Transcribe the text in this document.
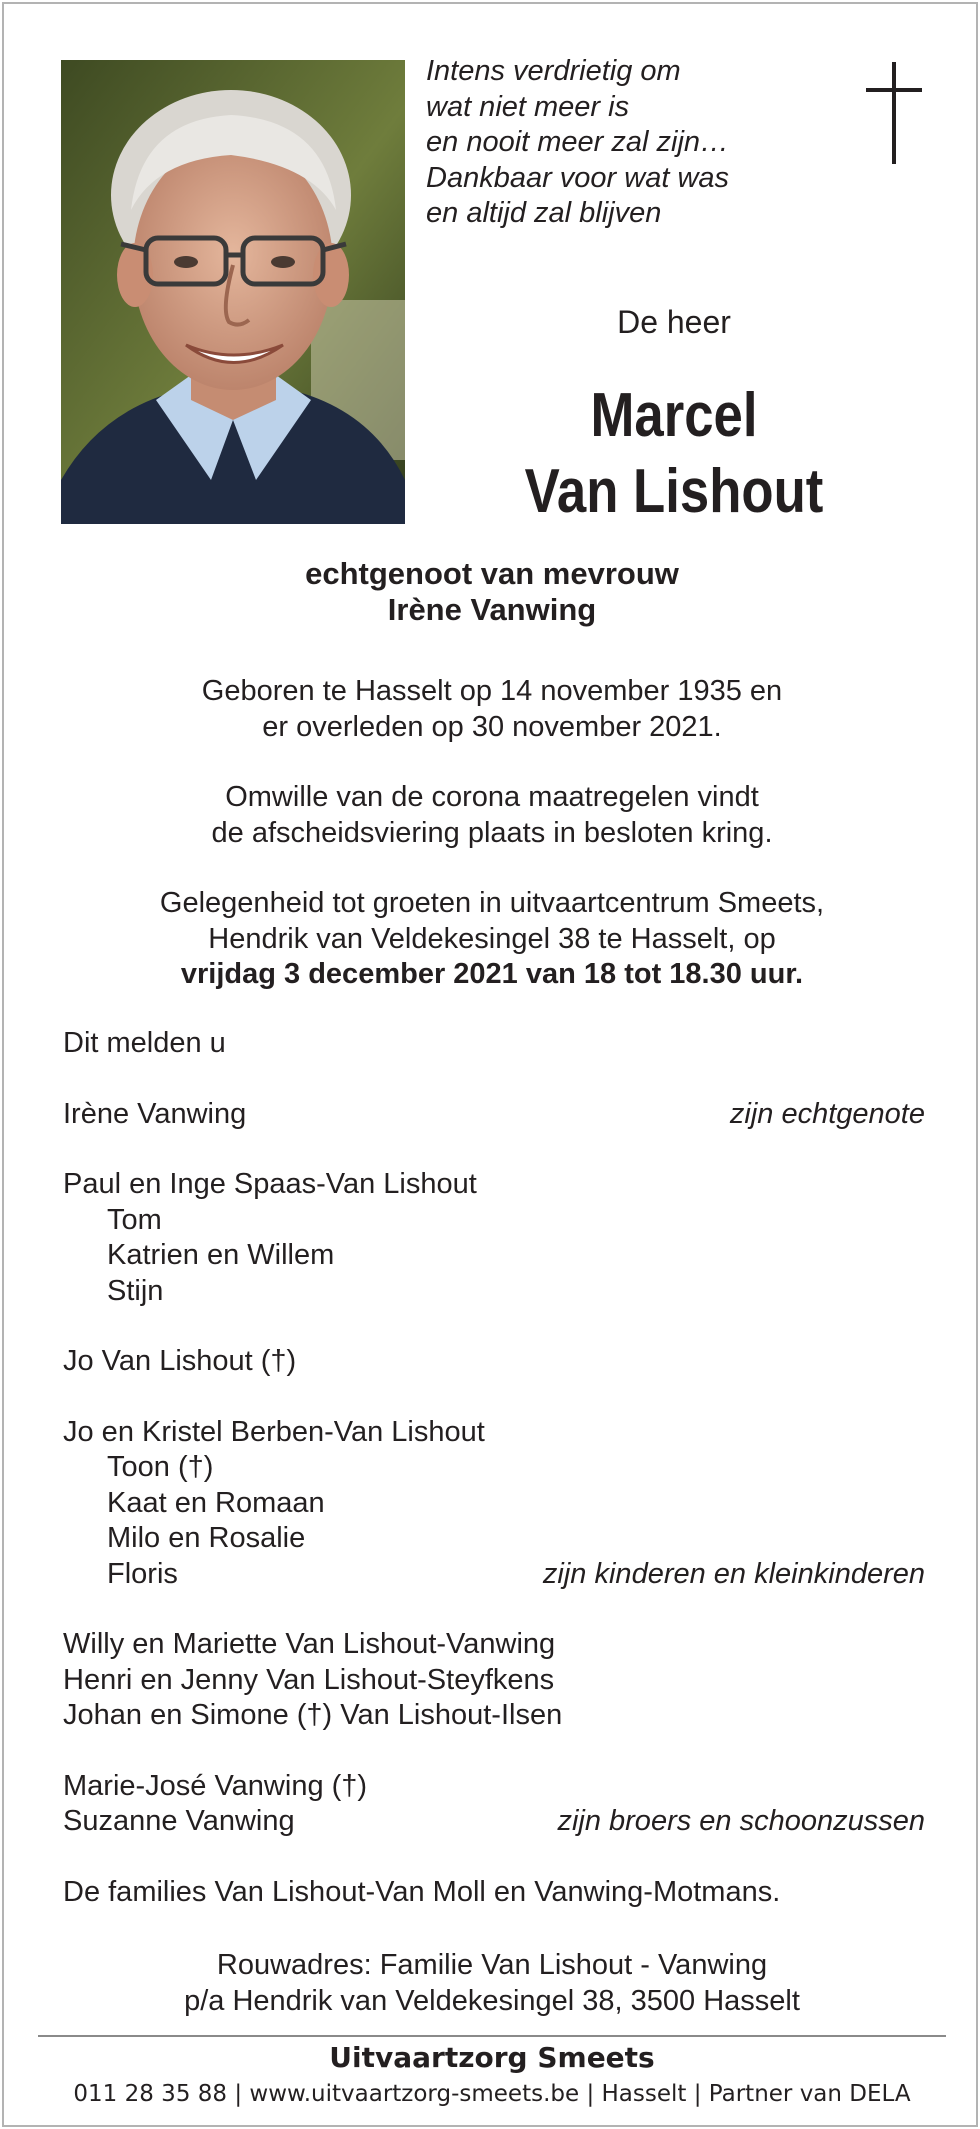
Intens verdrietig om
wat niet meer is
en nooit meer zal zijn…
Dankbaar voor wat was
en altijd zal blijven
De heer
Marcel
Van Lishout
echtgenoot van mevrouw
Irène Vanwing
Geboren te Hasselt op 14 november 1935 en
er overleden op 30 november 2021.
Omwille van de corona maatregelen vindt
de afscheidsviering plaats in besloten kring.
Gelegenheid tot groeten in uitvaartcentrum Smeets,
Hendrik van Veldekesingel 38 te Hasselt, op
vrijdag 3 december 2021 van 18 tot 18.30 uur.
Dit melden u
Irène Vanwing	zijn echtgenote
Paul en Inge Spaas-Van Lishout
Tom
Katrien en Willem
Stijn
Jo Van Lishout (†)
Jo en Kristel Berben-Van Lishout
Toon (†)
Kaat en Romaan
Milo en Rosalie
Floris	zijn kinderen en kleinkinderen
Willy en Mariette Van Lishout-Vanwing
Henri en Jenny Van Lishout-Steyfkens
Johan en Simone (†) Van Lishout-Ilsen
Marie-José Vanwing (†)
Suzanne Vanwing	zijn broers en schoonzussen
De families Van Lishout-Van Moll en Vanwing-Motmans.
Rouwadres: Familie Van Lishout - Vanwing
p/a Hendrik van Veldekesingel 38, 3500 Hasselt
Uitvaartzorg Smeets
011 28 35 88 | www.uitvaartzorg-smeets.be | Hasselt | Partner van DELA
